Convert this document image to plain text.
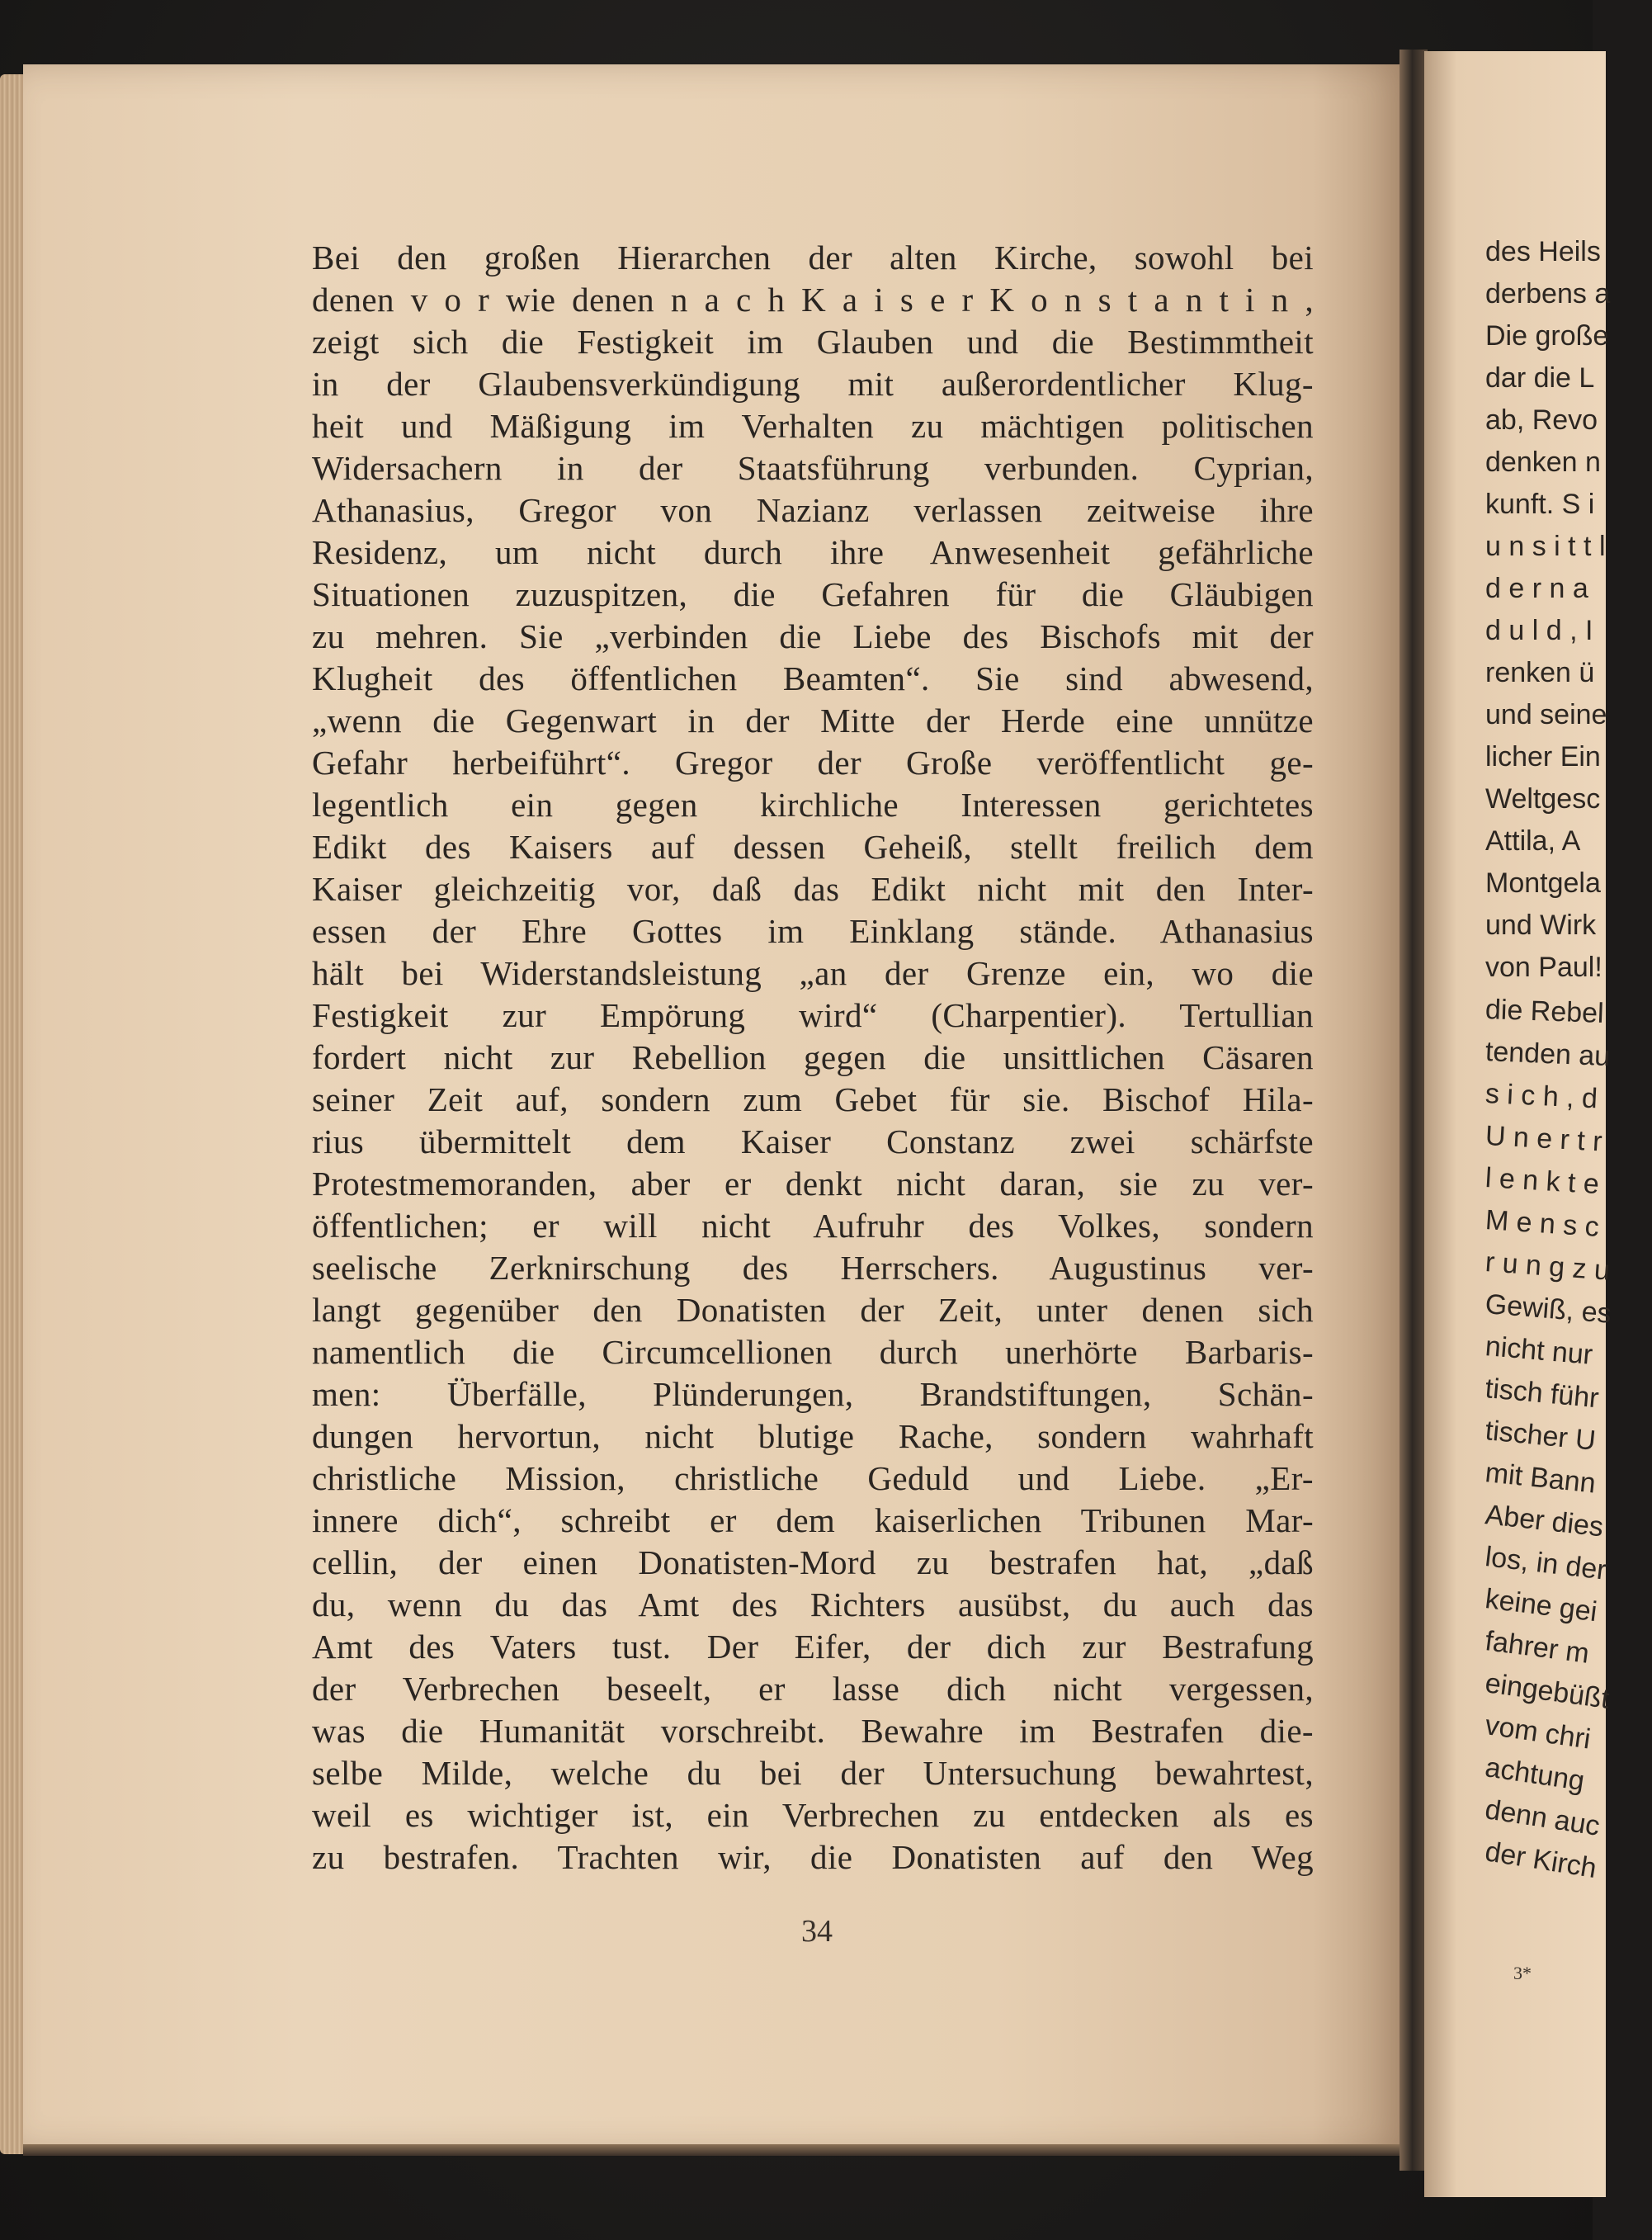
Bei den großen Hierarchen der alten Kirche, sowohl bei
denen v o r wie denen n a c h K a i s e r K o n s t a n t i n ,
zeigt sich die Festigkeit im Glauben und die Bestimmtheit
in der Glaubensverkündigung mit außerordentlicher Klug-
heit und Mäßigung im Verhalten zu mächtigen politischen
Widersachern in der Staatsführung verbunden. Cyprian,
Athanasius, Gregor von Nazianz verlassen zeitweise ihre
Residenz, um nicht durch ihre Anwesenheit gefährliche
Situationen zuzuspitzen, die Gefahren für die Gläubigen
zu mehren. Sie „verbinden die Liebe des Bischofs mit der
Klugheit des öffentlichen Beamten“. Sie sind abwesend,
„wenn die Gegenwart in der Mitte der Herde eine unnütze
Gefahr herbeiführt“. Gregor der Große veröffentlicht ge-
legentlich ein gegen kirchliche Interessen gerichtetes
Edikt des Kaisers auf dessen Geheiß, stellt freilich dem
Kaiser gleichzeitig vor, daß das Edikt nicht mit den Inter-
essen der Ehre Gottes im Einklang stände. Athanasius
hält bei Widerstandsleistung „an der Grenze ein, wo die
Festigkeit zur Empörung wird“ (Charpentier). Tertullian
fordert nicht zur Rebellion gegen die unsittlichen Cäsaren
seiner Zeit auf, sondern zum Gebet für sie. Bischof Hila-
rius übermittelt dem Kaiser Constanz zwei schärfste
Protestmemoranden, aber er denkt nicht daran, sie zu ver-
öffentlichen; er will nicht Aufruhr des Volkes, sondern
seelische Zerknirschung des Herrschers. Augustinus ver-
langt gegenüber den Donatisten der Zeit, unter denen sich
namentlich die Circumcellionen durch unerhörte Barbaris-
men: Überfälle, Plünderungen, Brandstiftungen, Schän-
dungen hervortun, nicht blutige Rache, sondern wahrhaft
christliche Mission, christliche Geduld und Liebe. „Er-
innere dich“, schreibt er dem kaiserlichen Tribunen Mar-
cellin, der einen Donatisten-Mord zu bestrafen hat, „daß
du, wenn du das Amt des Richters ausübst, du auch das
Amt des Vaters tust. Der Eifer, der dich zur Bestrafung
der Verbrechen beseelt, er lasse dich nicht vergessen,
was die Humanität vorschreibt. Bewahre im Bestrafen die-
selbe Milde, welche du bei der Untersuchung bewahrtest,
weil es wichtiger ist, ein Verbrechen zu entdecken als es
zu bestrafen. Trachten wir, die Donatisten auf den Weg
34
des Heils
derbens a
Die große
dar die L
ab, Revo
denken n
kunft. S i
u n s i t t l
d e r n a
d u l d , I
renken ü
und seine
licher Ein
Weltgesc
Attila, A
Montgela
und Wirk
von Paul!
die Rebel
tenden au
s i c h , d
U n e r t r
l e n k t e
M e n s c
r u n g z u
Gewiß, es
nicht nur
tisch führ
tischer U
mit Bann
Aber dies
los, in der
keine gei
fahrer m
eingebüßt
vom chri
achtung
denn auc
der Kirch
3*
